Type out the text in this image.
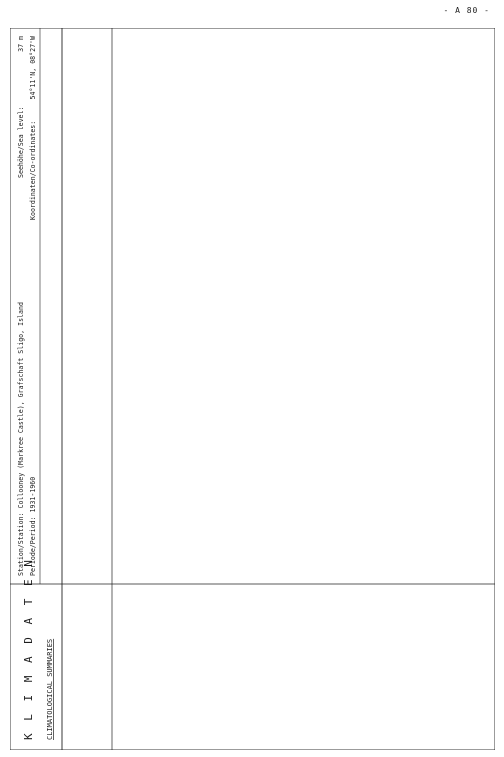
- A 80 -
K L I M A D A T E N CLIMATOLOGICAL SUMMARIES
Station/Station: Collooney (Markree Castle), Grafschaft Sligo, Island Periode/Period: 1931-1960
Seehöhe/Sea level:
37 m
Koordinaten/Co-ordinates:
54°11'N, 08°27'W
